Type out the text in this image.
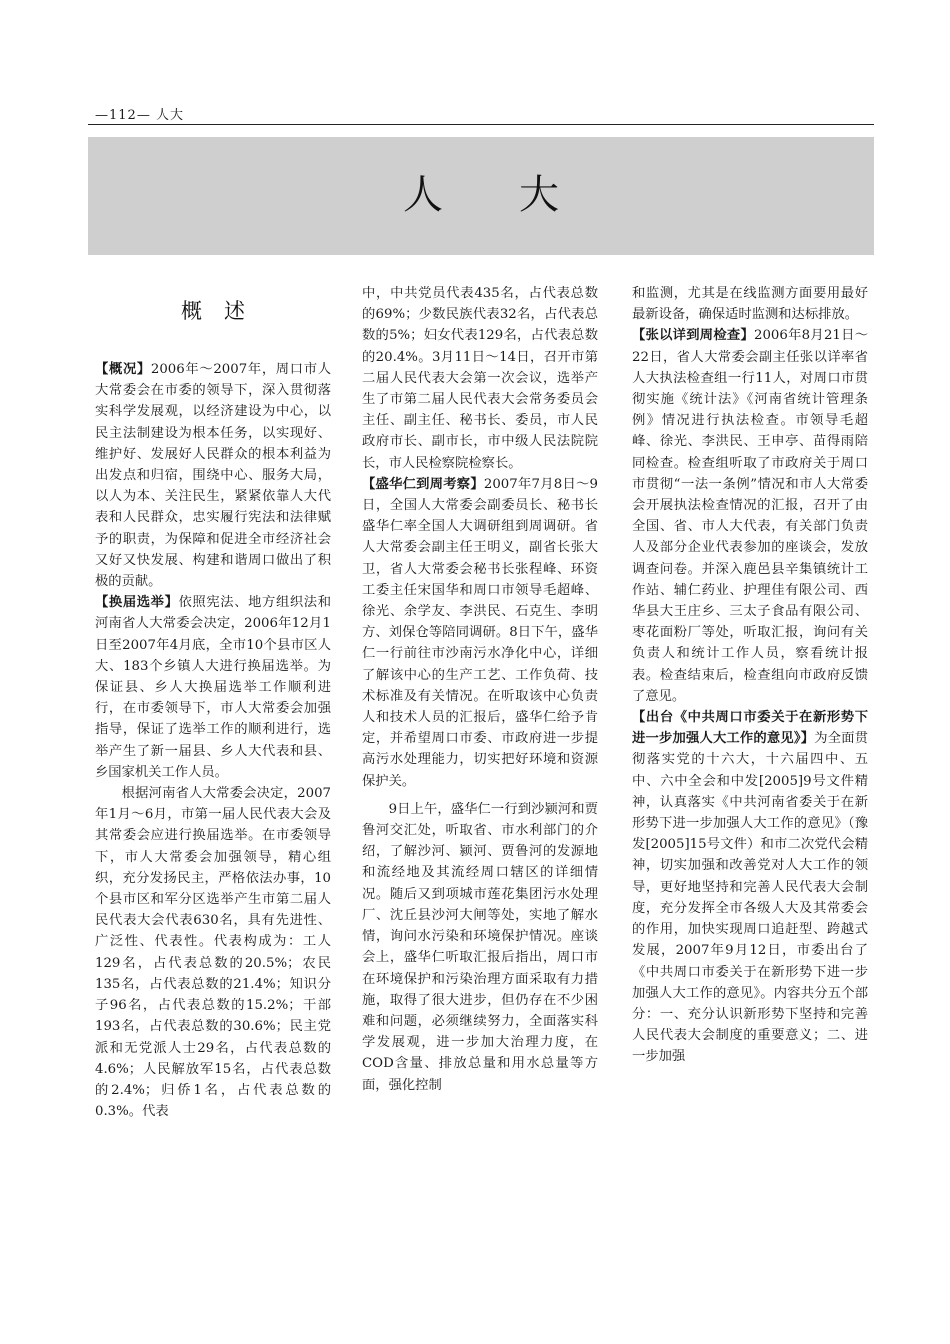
—112— 人大
人大
概述

【概况】2006年～2007年，周口市人大常委会在市委的领导下，深入贯彻落实科学发展观，以经济建设为中心，以民主法制建设为根本任务，以实现好、维护好、发展好人民群众的根本利益为出发点和归宿，围绕中心、服务大局，以人为本、关注民生，紧紧依靠人大代表和人民群众，忠实履行宪法和法律赋予的职责，为保障和促进全市经济社会又好又快发展、构建和谐周口做出了积极的贡献。

【换届选举】依照宪法、地方组织法和河南省人大常委会决定，2006年12月1日至2007年4月底，全市10个县市区人大、183个乡镇人大进行换届选举。为保证县、乡人大换届选举工作顺利进行，在市委领导下，市人大常委会加强指导，保证了选举工作的顺利进行，选举产生了新一届县、乡人大代表和县、乡国家机关工作人员。

根据河南省人大常委会决定，2007年1月～6月，市第一届人民代表大会及其常委会应进行换届选举。在市委领导下，市人大常委会加强领导，精心组织，充分发扬民主，严格依法办事，10个县市区和军分区选举产生市第二届人民代表大会代表630名，具有先进性、广泛性、代表性。代表构成为：工人129名，占代表总数的20.5%；农民135名，占代表总数的21.4%；知识分子96名，占代表总数的15.2%；干部193名，占代表总数的30.6%；民主党派和无党派人士29名，占代表总数的4.6%；人民解放军15名，占代表总数的2.4%；归侨1名，占代表总数的0.3%。代表

中，中共党员代表435名，占代表总数的69%；少数民族代表32名，占代表总数的5%；妇女代表129名，占代表总数的20.4%。3月11日～14日，召开市第二届人民代表大会第一次会议，选举产生了市第二届人民代表大会常务委员会主任、副主任、秘书长、委员，市人民政府市长、副市长，市中级人民法院院长，市人民检察院检察长。

【盛华仁到周考察】2007年7月8日～9日，全国人大常委会副委员长、秘书长盛华仁率全国人大调研组到周调研。省人大常委会副主任王明义，副省长张大卫，省人大常委会秘书长张程峰、环资工委主任宋国华和周口市领导毛超峰、徐光、余学友、李洪民、石克生、李明方、刘保仓等陪同调研。8日下午，盛华仁一行前往市沙南污水净化中心，详细了解该中心的生产工艺、工作负荷、技术标准及有关情况。在听取该中心负责人和技术人员的汇报后，盛华仁给予肯定，并希望周口市委、市政府进一步提高污水处理能力，切实把好环境和资源保护关。

9日上午，盛华仁一行到沙颍河和贾鲁河交汇处，听取省、市水利部门的介绍，了解沙河、颍河、贾鲁河的发源地和流经地及其流经周口辖区的详细情况。随后又到项城市莲花集团污水处理厂、沈丘县沙河大闸等处，实地了解水情，询问水污染和环境保护情况。座谈会上，盛华仁听取汇报后指出，周口市在环境保护和污染治理方面采取有力措施，取得了很大进步，但仍存在不少困难和问题，必须继续努力，全面落实科学发展观，进一步加大治理力度，在COD含量、排放总量和用水总量等方面，强化控制

和监测，尤其是在线监测方面要用最好最新设备，确保适时监测和达标排放。

【张以详到周检查】2006年8月21日～22日，省人大常委会副主任张以详率省人大执法检查组一行11人，对周口市贯彻实施《统计法》《河南省统计管理条例》情况进行执法检查。市领导毛超峰、徐光、李洪民、王申亭、苗得雨陪同检查。检查组听取了市政府关于周口市贯彻“一法一条例”情况和市人大常委会开展执法检查情况的汇报，召开了由全国、省、市人大代表，有关部门负责人及部分企业代表参加的座谈会，发放调查问卷。并深入鹿邑县辛集镇统计工作站、辅仁药业、护理佳有限公司、西华县大王庄乡、三太子食品有限公司、枣花面粉厂等处，听取汇报，询问有关负责人和统计工作人员，察看统计报表。检查结束后，检查组向市政府反馈了意见。

【出台《中共周口市委关于在新形势下进一步加强人大工作的意见》】为全面贯彻落实党的十六大，十六届四中、五中、六中全会和中发[2005]9号文件精神，认真落实《中共河南省委关于在新形势下进一步加强人大工作的意见》（豫发[2005]15号文件）和市二次党代会精神，切实加强和改善党对人大工作的领导，更好地坚持和完善人民代表大会制度，充分发挥全市各级人大及其常委会的作用，加快实现周口追赶型、跨越式发展，2007年9月12日，市委出台了《中共周口市委关于在新形势下进一步加强人大工作的意见》。内容共分五个部分：一、充分认识新形势下坚持和完善人民代表大会制度的重要意义；二、进一步加强
